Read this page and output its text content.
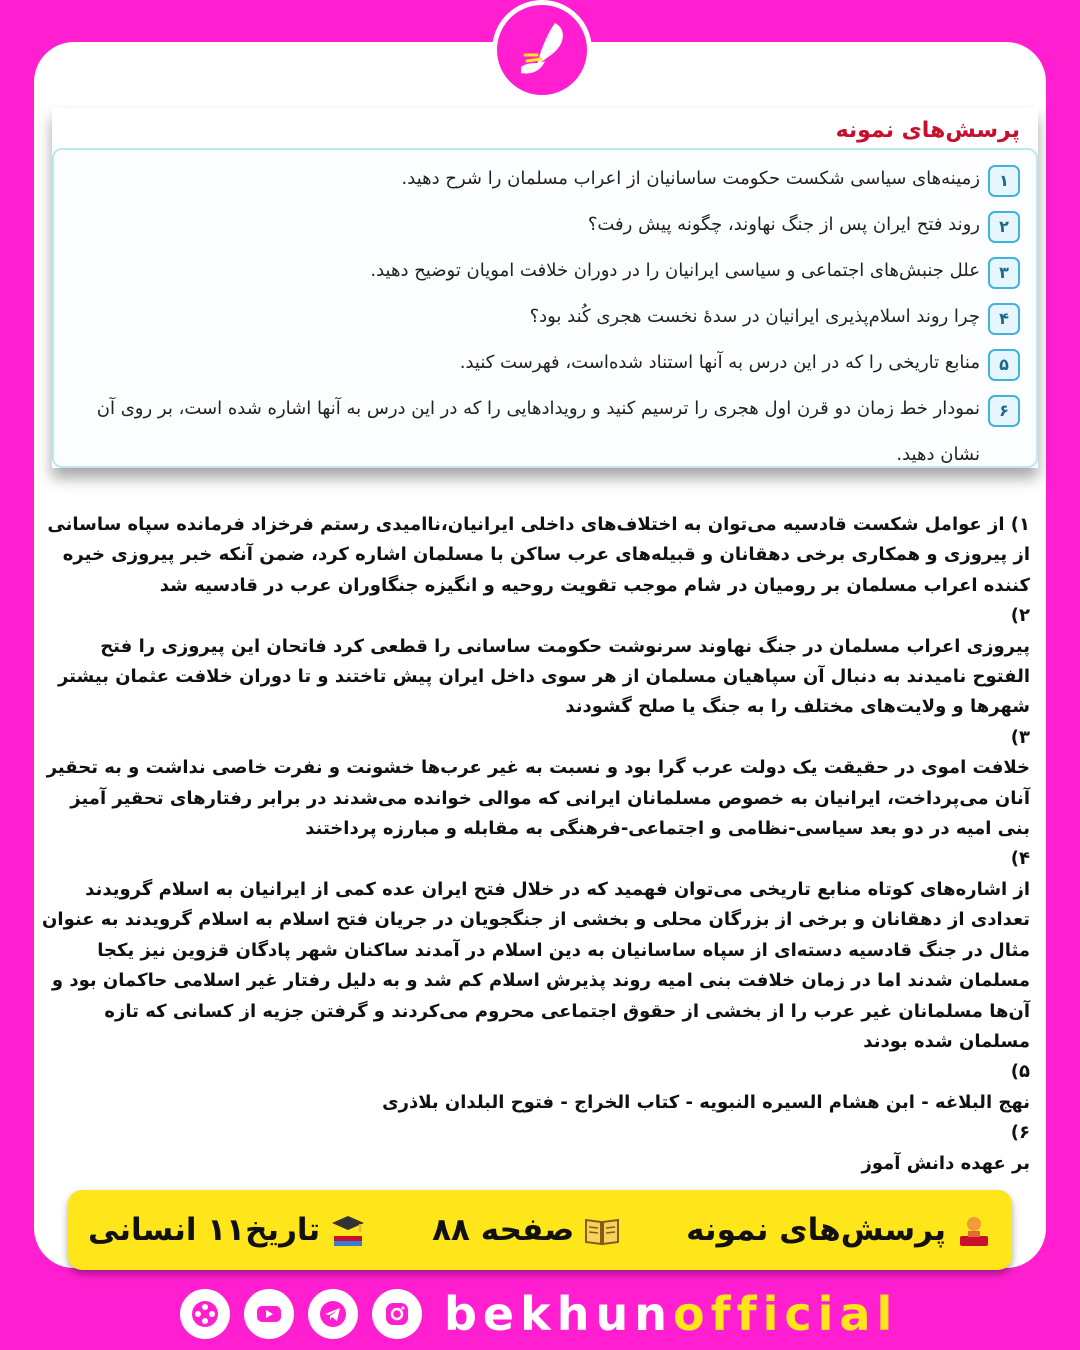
پرسش‌های نمونه
۱
زمینه‌های سیاسی شکست حکومت ساسانیان از اعراب مسلمان را شرح دهید.
۲
روند فتح ایران پس از جنگ نهاوند، چگونه پیش رفت؟
۳
علل جنبش‌های اجتماعی و سیاسی ایرانیان را در دوران خلافت امویان توضیح دهید.
۴
چرا روند اسلام‌پذیری ایرانیان در سدهٔ نخست هجری کُند بود؟
۵
منابع تاریخی را که در این درس به آنها استناد شده‌است، فهرست کنید.
۶
نمودار خط زمان دو قرن اول هجری را ترسیم کنید و رویدادهایی را که در این درس به آنها اشاره شده است، بر روی آن نشان دهید.

۱) از عوامل شکست قادسیه می‌توان به اختلاف‌های داخلی ایرانیان،ناامیدی رستم فرخزاد فرمانده سپاه ساسانی از پیروزی و همکاری برخی دهقانان و قبیله‌های عرب ساکن با مسلمان اشاره کرد، ضمن آنکه خبر پیروزی خیره کننده اعراب مسلمان بر رومیان در شام موجب تقویت روحیه و انگیزه جنگاوران عرب در قادسیه شد

۲)

پیروزی اعراب مسلمان در جنگ نهاوند سرنوشت حکومت ساسانی را قطعی کرد فاتحان این پیروزی را فتح الفتوح نامیدند به دنبال آن سپاهیان مسلمان از هر سوی داخل ایران پیش تاختند و تا دوران خلافت عثمان بیشتر شهرها و ولایت‌های مختلف را به جنگ یا صلح گشودند

۳)

خلافت اموی در حقیقت یک دولت عرب گرا بود و نسبت به غیر عرب‌ها خشونت و نفرت خاصی نداشت و به تحقیر آنان می‌پرداخت، ایرانیان به خصوص مسلمانان ایرانی که موالی خوانده می‌شدند در برابر رفتارهای تحقیر آمیز بنی امیه در دو بعد سیاسی-نظامی و اجتماعی-فرهنگی به مقابله و مبارزه پرداختند

۴)

از اشاره‌های کوتاه منابع تاریخی می‌توان فهمید که در خلال فتح ایران عده کمی از ایرانیان به اسلام گرویدند تعدادی از دهقانان و برخی از بزرگان محلی و بخشی از جنگجویان در جریان فتح اسلام به اسلام گرویدند به عنوان مثال در جنگ قادسیه دسته‌ای از سپاه ساسانیان به دین اسلام در آمدند ساکنان شهر پادگان قزوین نیز یکجا مسلمان شدند اما در زمان خلافت بنی امیه روند پذیرش اسلام کم شد و به دلیل رفتار غیر اسلامی حاکمان بود و آن‌ها مسلمانان غیر عرب را از بخشی از حقوق اجتماعی محروم می‌کردند و گرفتن جزیه از کسانی که تازه مسلمان شده بودند

۵)

نهج البلاغه - ابن هشام السیره النبویه - کتاب الخراج - فتوح البلدان بلاذری

۶)

بر عهده دانش آموز

پرسش‌های نمونه
صفحه ۸۸
تاریخ۱۱ انسانی
bekhunofficial
